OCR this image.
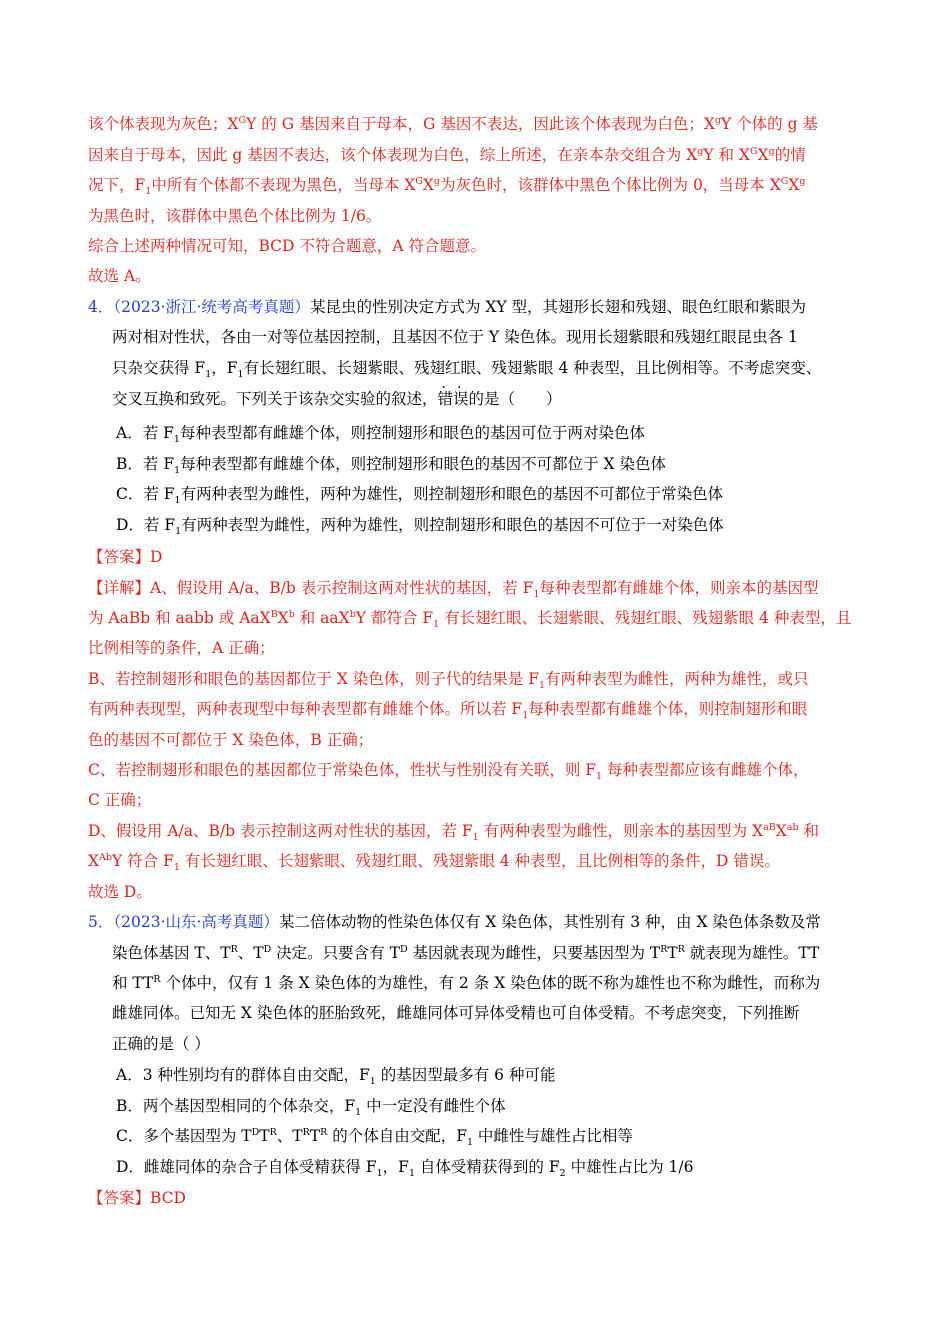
该个体表现为灰色；$X^GY$ 的 G 基因来自于母本，G 基因不表达，因此该个体表现为白色；$X^gY$ 个体的 g 基
因来自于母本，因此 g 基因不表达，该个体表现为白色，综上所述，在亲本杂交组合为 $X^gY$ 和 $X^GX^g$的情
况下，$F_1$中所有个体都不表现为黑色，当母本 $X^GX^g$为灰色时，该群体中黑色个体比例为 0，当母本 $X^GX^g$
为黑色时，该群体中黑色个体比例为 1/6。
综合上述两种情况可知，BCD 不符合题意，A 符合题意。
故选 A。
4．（2023·浙江·统考高考真题）某昆虫的性别决定方式为 XY 型，其翅形长翅和残翅、眼色红眼和紫眼为
两对相对性状，各由一对等位基因控制，且基因不位于 Y 染色体。现用长翅紫眼和残翅红眼昆虫各 1
只杂交获得 $F_1$，$F_1$有长翅红眼、长翅紫眼、残翅红眼、残翅紫眼 4 种表型，且比例相等。不考虑突变、
交叉互换和致死。下列关于该杂交实验的叙述，错误的是（　　）
A．若 $F_1$每种表型都有雌雄个体，则控制翅形和眼色的基因可位于两对染色体
B．若 $F_1$每种表型都有雌雄个体，则控制翅形和眼色的基因不可都位于 X 染色体
C．若 $F_1$有两种表型为雌性，两种为雄性，则控制翅形和眼色的基因不可都位于常染色体
D．若 $F_1$有两种表型为雌性，两种为雄性，则控制翅形和眼色的基因不可位于一对染色体
【答案】D
【详解】A、假设用 A/a、B/b 表示控制这两对性状的基因，若 $F_1$每种表型都有雌雄个体，则亲本的基因型
为 AaBb 和 aabb 或 $AaX^BX^b$ 和 aaX$^b$Y 都符合 $F_1$ 有长翅红眼、长翅紫眼、残翅红眼、残翅紫眼 4 种表型，且
比例相等的条件，A 正确；
B、若控制翅形和眼色的基因都位于 X 染色体，则子代的结果是 $F_1$有两种表型为雌性，两种为雄性，或只
有两种表现型，两种表现型中每种表型都有雌雄个体。所以若 $F_1$每种表型都有雌雄个体，则控制翅形和眼
色的基因不可都位于 X 染色体，B 正确；
C、若控制翅形和眼色的基因都位于常染色体，性状与性别没有关联，则 $F_1$ 每种表型都应该有雌雄个体，
C 正确；
D、假设用 A/a、B/b 表示控制这两对性状的基因，若 $F_1$ 有两种表型为雌性，则亲本的基因型为 $X^{aB}X^{ab}$ 和
$X^{Ab}Y$ 符合 $F_1$ 有长翅红眼、长翅紫眼、残翅红眼、残翅紫眼 4 种表型，且比例相等的条件，D 错误。
故选 D。
5．（2023·山东·高考真题）某二倍体动物的性染色体仅有 X 染色体，其性别有 3 种，由 X 染色体条数及常
染色体基因 T、$T^R$、$T^D$ 决定。只要含有 $T^D$ 基因就表现为雌性，只要基因型为 $T^RT^R$ 就表现为雄性。TT
和 $TT^R$ 个体中，仅有 1 条 X 染色体的为雄性，有 2 条 X 染色体的既不称为雄性也不称为雌性，而称为
雌雄同体。已知无 X 染色体的胚胎致死，雌雄同体可异体受精也可自体受精。不考虑突变，下列推断
正确的是（ ）
A．3 种性别均有的群体自由交配，$F_1$ 的基因型最多有 6 种可能
B．两个基因型相同的个体杂交，$F_1$ 中一定没有雌性个体
C．多个基因型为 $T^DT^R$、$T^RT^R$ 的个体自由交配，$F_1$ 中雌性与雄性占比相等
D．雌雄同体的杂合子自体受精获得 $F_1$，$F_1$ 自体受精获得到的 $F_2$ 中雄性占比为 1/6
【答案】BCD
